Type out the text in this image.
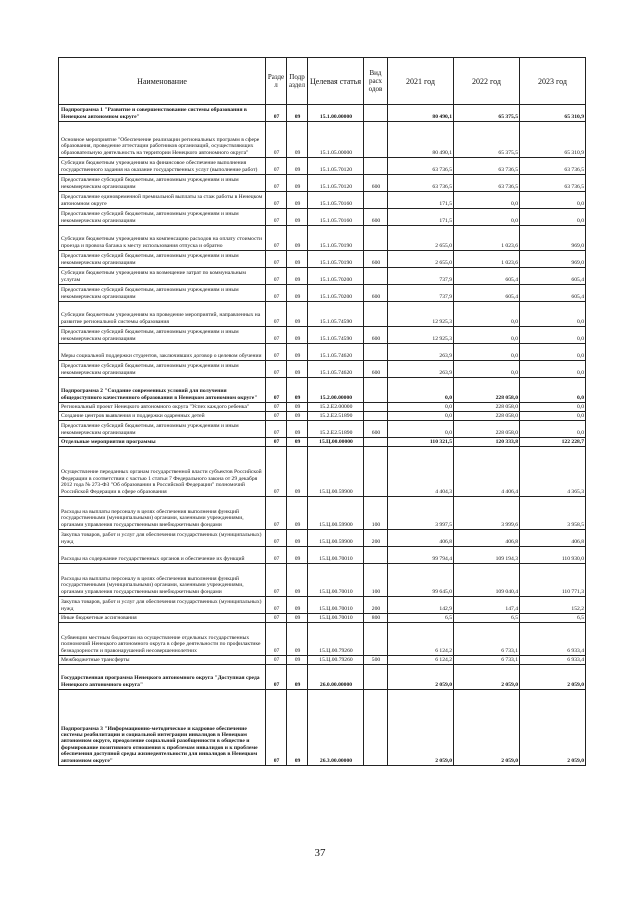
Наименование	Разде л	Подр аздел	Целевая статья	Вид расх одов	2021 год	2022 год	2023 год
Подпрограмма 1 "Развитие и совершенствование системы образования в Ненецком автономном округе"	07	09	15.1.00.00000		80 490,1	65 375,5	65 310,9
Основное мероприятие "Обеспечение реализации региональных программ в сфере образования, проведение аттестации работников организаций, осуществляющих образовательную деятельность на территории Ненецкого автономного округа"	07	09	15.1.05.00000		80 490,1	65 375,5	65 310,9
Субсидии бюджетным учреждениям на финансовое обеспечение выполнения государственного задания на оказание государственных услуг (выполнение работ)	07	09	15.1.05.70120		63 736,5	63 736,5	63 736,5
Предоставление субсидий бюджетным, автономным учреждениям и иным некоммерческим организациям	07	09	15.1.05.70120	600	63 736,5	63 736,5	63 736,5
Предоставление единовременной премиальной выплаты за стаж работы в Ненецком автономном округе	07	09	15.1.05.70160		171,5	0,0	0,0
Предоставление субсидий бюджетным, автономным учреждениям и иным некоммерческим организациям	07	09	15.1.05.70160	600	171,5	0,0	0,0
Субсидии бюджетным учреждениям на компенсацию расходов на оплату стоимости проезда и провоза багажа к месту использования отпуска и обратно	07	09	15.1.05.70190		2 655,0	1 023,6	969,0
Предоставление субсидий бюджетным, автономным учреждениям и иным некоммерческим организациям	07	09	15.1.05.70190	600	2 655,0	1 023,6	969,0
Субсидии бюджетным учреждениям на возмещение затрат по коммунальным услугам	07	09	15.1.05.70200		737,9	605,4	605,4
Предоставление субсидий бюджетным, автономным учреждениям и иным некоммерческим организациям	07	09	15.1.05.70200	600	737,9	605,4	605,4
Субсидии бюджетным учреждениям на проведение мероприятий, направленных на развитие региональной системы образования	07	09	15.1.05.74590		12 925,3	0,0	0,0
Предоставление субсидий бюджетным, автономным учреждениям и иным некоммерческим организациям	07	09	15.1.05.74590	600	12 925,3	0,0	0,0
Меры социальной поддержки студентов, заключивших договор о целевом обучении	07	09	15.1.05.74620		263,9	0,0	0,0
Предоставление субсидий бюджетным, автономным учреждениям и иным некоммерческим организациям	07	09	15.1.05.74620	600	263,9	0,0	0,0
Подпрограмма 2 "Создание современных условий для получения общедоступного качественного образования в Ненецком автономном округе"	07	09	15.2.00.00000		0,0	228 058,0	0,0
Региональный проект Ненецкого автономного округа "Успех каждого ребенка"	07	09	15.2.E2.00000		0,0	228 058,0	0,0
Создание центров выявления и поддержки одаренных детей	07	09	15.2.E2.51890		0,0	228 058,0	0,0
Предоставление субсидий бюджетным, автономным учреждениям и иным некоммерческим организациям	07	09	15.2.E2.51890	600	0,0	228 058,0	0,0
Отдельные мероприятия программы	07	09	15.Ц.00.00000		110 321,5	120 333,8	122 228,7
Осуществление переданных органам государственной власти субъектов Российской Федерации в соответствии с частью 1 статьи 7 Федерального закона от 29 декабря 2012 года № 273-ФЗ "Об образовании в Российской Федерации" полномочий Российской Федерации в сфере образования	07	09	15.Ц.00.59900		4 404,3	4 406,4	4 365,3
Расходы на выплаты персоналу в целях обеспечения выполнения функций государственными (муниципальными) органами, казенными учреждениями, органами управления государственными внебюджетными фондами	07	09	15.Ц.00.59900	100	3 997,5	3 999,6	3 958,5
Закупка товаров, работ и услуг для обеспечения государственных (муниципальных) нужд	07	09	15.Ц.00.59900	200	406,8	406,8	406,8
Расходы на содержание государственных органов и обеспечение их функций	07	09	15.Ц.00.70010		99 794,4	109 194,3	110 930,0
Расходы на выплаты персоналу в целях обеспечения выполнения функций государственными (муниципальными) органами, казенными учреждениями, органами управления государственными внебюджетными фондами	07	09	15.Ц.00.70010	100	99 645,0	109 040,4	110 771,3
Закупка товаров, работ и услуг для обеспечения государственных (муниципальных) нужд	07	09	15.Ц.00.70010	200	142,9	147,4	152,2
Иные бюджетные ассигнования	07	09	15.Ц.00.70010	800	6,5	6,5	6,5
Субвенции местным бюджетам на осуществление отдельных государственных полномочий Ненецкого автономного округа в сфере деятельности по профилактике безнадзорности и правонарушений несовершеннолетних	07	09	15.Ц.00.79260		6 124,2	6 733,1	6 933,4
Межбюджетные трансферты	07	09	15.Ц.00.79260	500	6 124,2	6 733,1	6 933,4
Государственная программа Ненецкого автономного округа "Доступная среда Ненецкого автономного округа"	07	09	26.0.00.00000		2 059,0	2 059,0	2 059,0
Подпрограмма 3 "Информационно-методическое и кадровое обеспечение системы реабилитации и социальной интеграции инвалидов в Ненецком автономном округе, преодоление социальной разобщенности в обществе и формирование позитивного отношения к проблемам инвалидов и к проблеме обеспечения доступной среды жизнедеятельности для инвалидов в Ненецком автономном округе"	07	09	26.3.00.00000		2 059,0	2 059,0	2 059,0
37
